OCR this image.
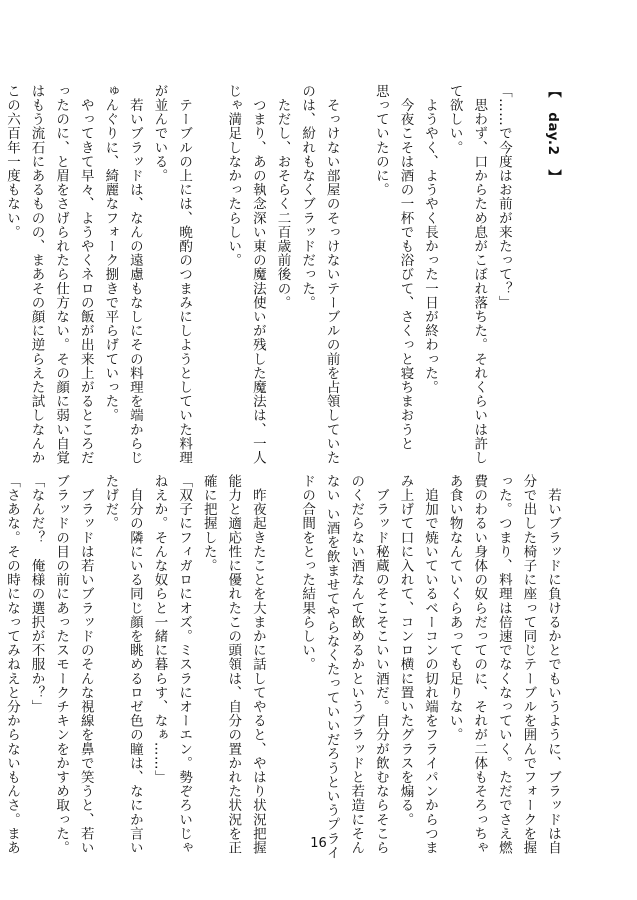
【　day.2　】

「……で今度はお前が来たって？」
　思わず、口からため息がこぼれ落ちた。それくらいは許し
て欲しい。
　ようやく、ようやく長かった一日が終わった。
　今夜こそは酒の一杯でも浴びて、さくっと寝ちまおうと
思っていたのに。

　そっけない部屋のそっけないテーブルの前を占領していた
のは、紛れもなくブラッドだった。
　ただし、おそらく二百歳前後の。
　つまり、あの執念深い東の魔法使いが残した魔法は、一人
じゃ満足しなかったらしい。

　テーブルの上には、晩酌のつまみにしようとしていた料理
が並んでいる。
　若いブラッドは、なんの遠慮もなしにその料理を端からじ
ゅんぐりに、綺麗なフォーク捌きで平らげていった。
　やってきて早々、ようやくネロの飯が出来上がるところだ
ったのに、と眉をさげられたら仕方ない。その顔に弱い自覚
はもう流石にあるものの、まあその顔に逆らえた試しなんか
この六百年一度もない。
　若いブラッドに負けるかとでもいうように、ブラッドは自
分で出した椅子に座って同じテーブルを囲んでフォークを握
った。つまり、料理は倍速でなくなっていく。ただでさえ燃
費のわるい身体の奴らだってのに、それが二体もそろっちゃ
あ食い物なんていくらあっても足りない。
　追加で焼いているベーコンの切れ端をフライパンからつま
み上げて口に入れて、コンロ横に置いたグラスを煽る。
　ブラッド秘蔵のそこそこいい酒だ。自分が飲むならそこら
のくだらない酒なんて飲めるかというブラッドと若造にそん
ない い酒を飲ませてやらなくたっていいだろうというプライ
ドの合間をとった結果らしい。

　昨夜起きたことを大まかに話してやると、やはり状況把握
能力と適応性に優れたこの頭領は、自分の置かれた状況を正
確に把握した。
「双子にフィガロにオズ。ミスラにオーエン。勢ぞろいじゃ
ねえか。そんな奴らと一緒に暮らす、なぁ……」
　自分の隣にいる同じ顔を眺めるロゼ色の瞳は、なにか言い
たげだ。
　ブラッドは若いブラッドのそんな視線を鼻で笑うと、若い
ブラッドの目の前にあったスモークチキンをかすめ取った。
「なんだ？　俺様の選択が不服か？」
「さあな。その時になってみねえと分からないもんさ。まあ	16
